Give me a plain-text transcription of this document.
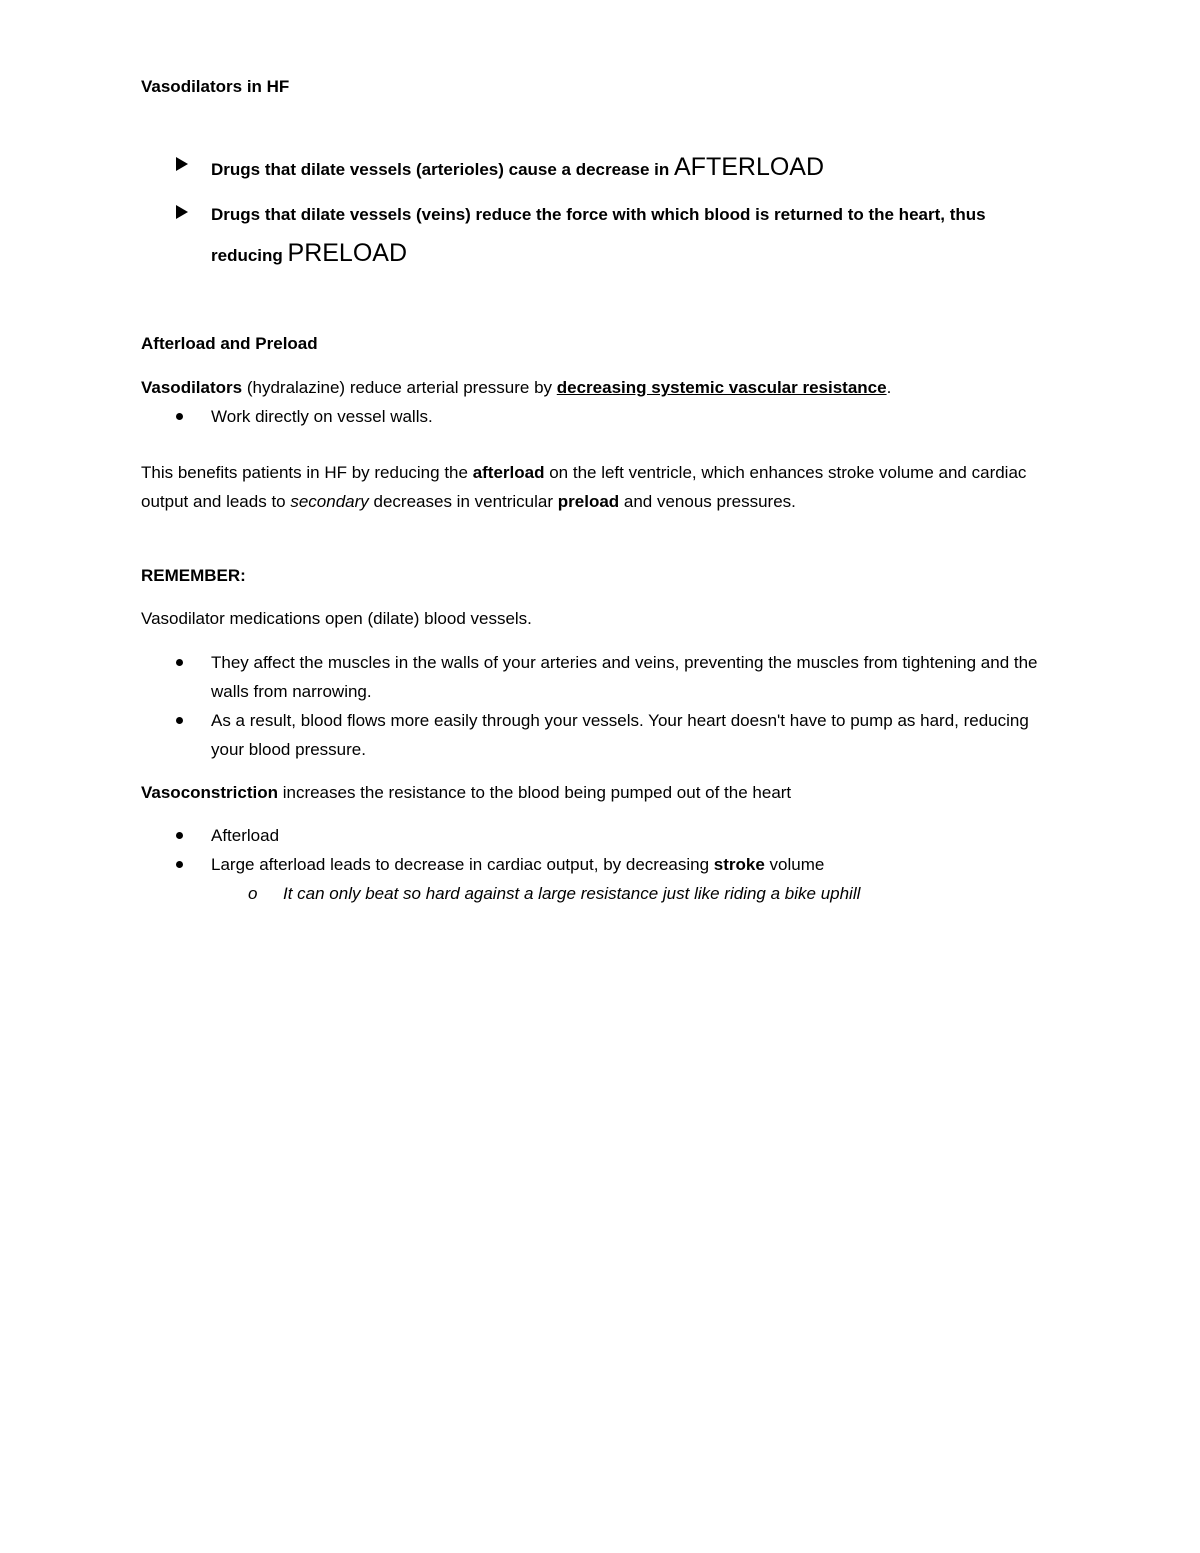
Vasodilators in HF
Drugs that dilate vessels (arterioles) cause a decrease in AFTERLOAD
Drugs that dilate vessels (veins) reduce the force with which blood is returned to the heart, thus reducing PRELOAD
Afterload and Preload
Vasodilators (hydralazine) reduce arterial pressure by decreasing systemic vascular resistance.
Work directly on vessel walls.
This benefits patients in HF by reducing the afterload on the left ventricle, which enhances stroke volume and cardiac output and leads to secondary decreases in ventricular preload and venous pressures.
REMEMBER:
Vasodilator medications open (dilate) blood vessels.
They affect the muscles in the walls of your arteries and veins, preventing the muscles from tightening and the walls from narrowing.
As a result, blood flows more easily through your vessels. Your heart doesn't have to pump as hard, reducing your blood pressure.
Vasoconstriction increases the resistance to the blood being pumped out of the heart
Afterload
Large afterload leads to decrease in cardiac output, by decreasing stroke volume
o It can only beat so hard against a large resistance just like riding a bike uphill
